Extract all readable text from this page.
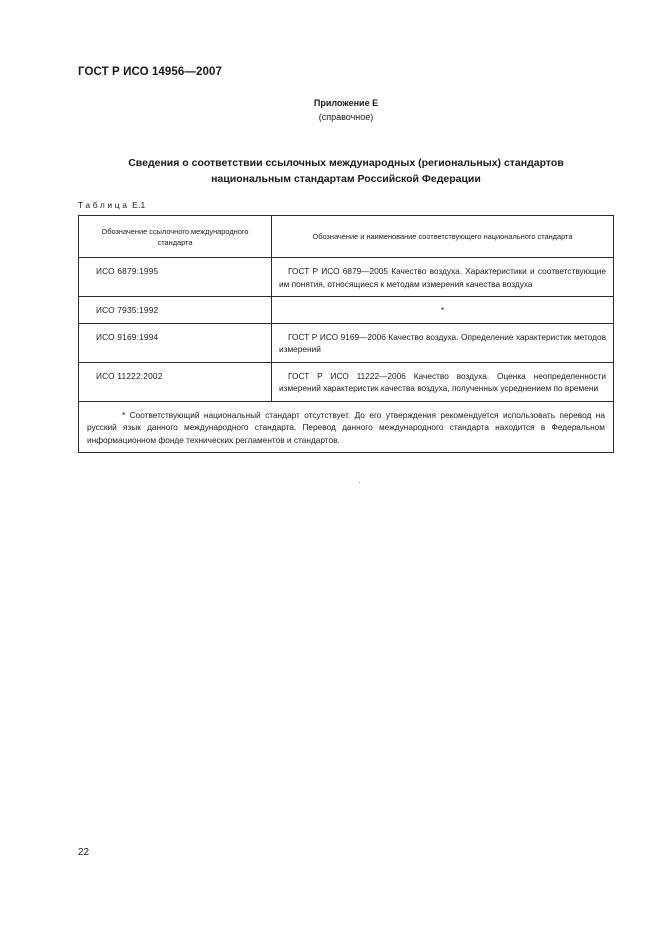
ГОСТ Р ИСО 14956—2007
Приложение Е
(справочное)
Сведения о соответствии ссылочных международных (региональных) стандартов
национальным стандартам Российской Федерации
Таблица Е.1
Обозначение ссылочного международного стандарта	Обозначение и наименование соответствующего национального стандарта
ИСО 6879:1995	ГОСТ Р ИСО 6879—2005 Качество воздуха. Характеристики и соответствующие им понятия, относящиеся к методам измерения качества воздуха
ИСО 7935:1992	*
ИСО 9169:1994	ГОСТ Р ИСО 9169—2006 Качество воздуха. Определение характеристик методов измерений
ИСО 11222:2002	ГОСТ Р ИСО 11222—2006 Качество воздуха. Оценка неопределенности измерений характеристик качества воздуха, полученных усреднением по времени
* Соответствующий национальный стандарт отсутствует. До его утверждения рекомендуется использовать перевод на русский язык данного международного стандарта. Перевод данного международного стандарта находится в Федеральном информационном фонде технических регламентов и стандартов.	
22
